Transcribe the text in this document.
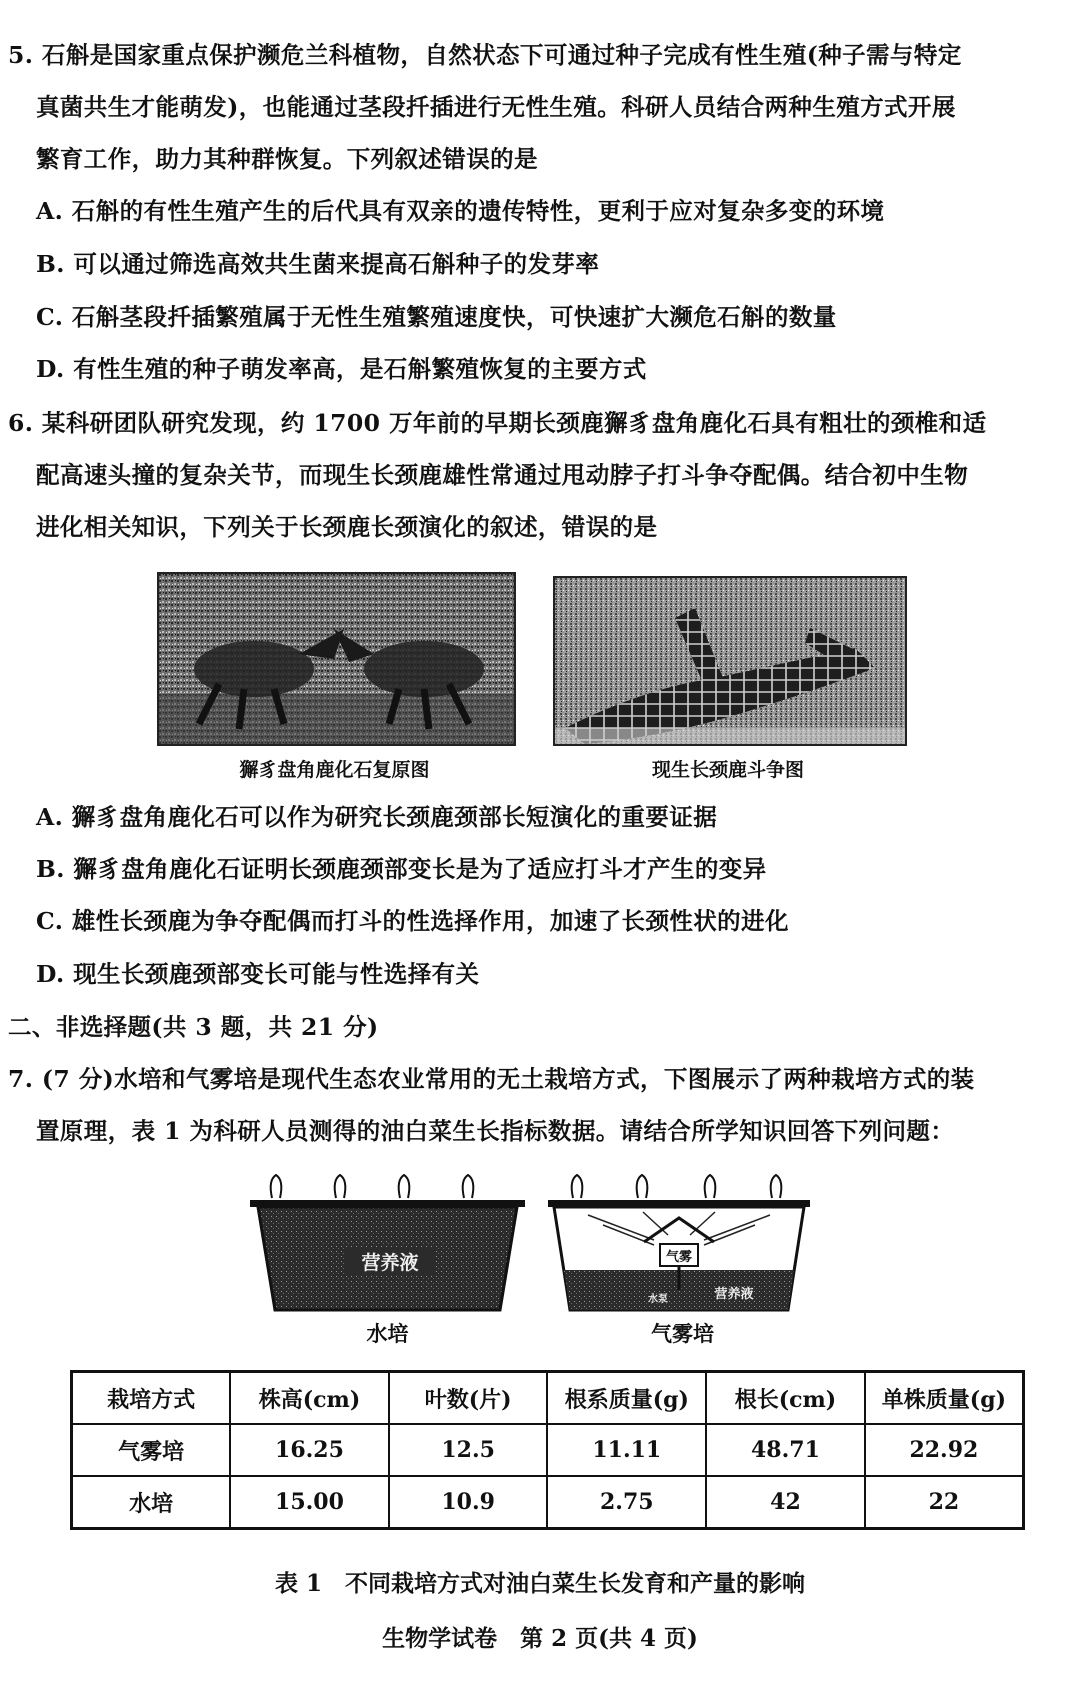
5. 石斛是国家重点保护濒危兰科植物，自然状态下可通过种子完成有性生殖(种子需与特定
真菌共生才能萌发)，也能通过茎段扦插进行无性生殖。科研人员结合两种生殖方式开展
繁育工作，助力其种群恢复。下列叙述错误的是
A. 石斛的有性生殖产生的后代具有双亲的遗传特性，更利于应对复杂多变的环境
B. 可以通过筛选高效共生菌来提高石斛种子的发芽率
C. 石斛茎段扦插繁殖属于无性生殖繁殖速度快，可快速扩大濒危石斛的数量
D. 有性生殖的种子萌发率高，是石斛繁殖恢复的主要方式
6. 某科研团队研究发现，约 1700 万年前的早期长颈鹿獬豸盘角鹿化石具有粗壮的颈椎和适
配高速头撞的复杂关节，而现生长颈鹿雄性常通过甩动脖子打斗争夺配偶。结合初中生物
进化相关知识，下列关于长颈鹿长颈演化的叙述，错误的是
獬豸盘角鹿化石复原图	现生长颈鹿斗争图
A. 獬豸盘角鹿化石可以作为研究长颈鹿颈部长短演化的重要证据
B. 獬豸盘角鹿化石证明长颈鹿颈部变长是为了适应打斗才产生的变异
C. 雄性长颈鹿为争夺配偶而打斗的性选择作用，加速了长颈性状的进化
D. 现生长颈鹿颈部变长可能与性选择有关
二、非选择题(共 3 题，共 21 分)
7. (7 分)水培和气雾培是现代生态农业常用的无土栽培方式，下图展示了两种栽培方式的装
置原理，表 1 为科研人员测得的油白菜生长指标数据。请结合所学知识回答下列问题：
营养液
水培
气雾
水泵	营养液
气雾培
栽培方式	株高(cm)	叶数(片)	根系质量(g)	根长(cm)	单株质量(g)
气雾培	16.25	12.5	11.11	48.71	22.92
水培	15.00	10.9	2.75	42	22
表 1　不同栽培方式对油白菜生长发育和产量的影响
生物学试卷　第 2 页(共 4 页)
